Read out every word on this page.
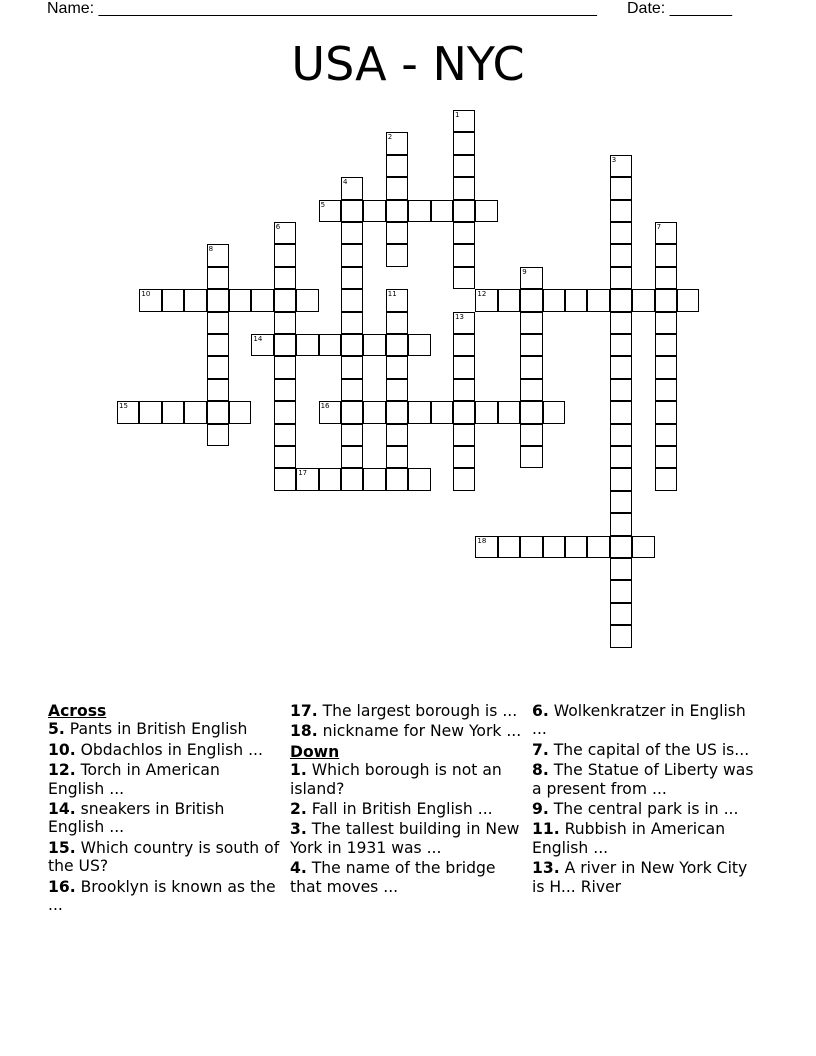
Name: ________________________________________________________ Date: _______
USA - NYC
1
2
3
4
5
6	7
8
9
10	11	12
13
14
15	16
17
18
Across
5. Pants in British English
10. Obdachlos in English ...
12. Torch in American English ...
14. sneakers in British English ...
15. Which country is south of the US?
16. Brooklyn is known as the ...
17. The largest borough is ...
18. nickname for New York ...
Down
1. Which borough is not an island?
2. Fall in British English ...
3. The tallest building in New York in 1931 was ...
4. The name of the bridge that moves ...
6. Wolkenkratzer in English ...
7. The capital of the US is...
8. The Statue of Liberty was a present from ...
9. The central park is in ...
11. Rubbish in American English ...
13. A river in New York City is H... River
